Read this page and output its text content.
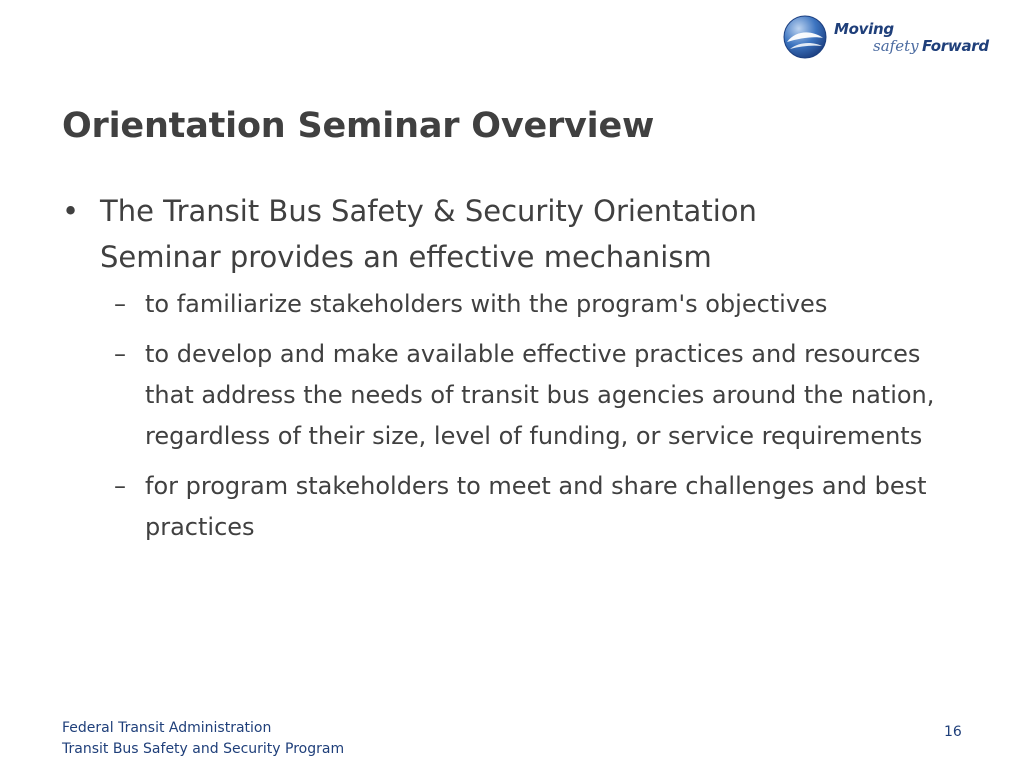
Moving
safety Forward
Orientation Seminar Overview

• The Transit Bus Safety & Security Orientation Seminar provides an effective mechanism

– to familiarize stakeholders with the program's objectives
– to develop and make available effective practices and resources that address the needs of transit bus agencies around the nation, regardless of their size, level of funding, or service requirements
– for program stakeholders to meet and share challenges and best practices
Federal Transit Administration
Transit Bus Safety and Security Program
16
